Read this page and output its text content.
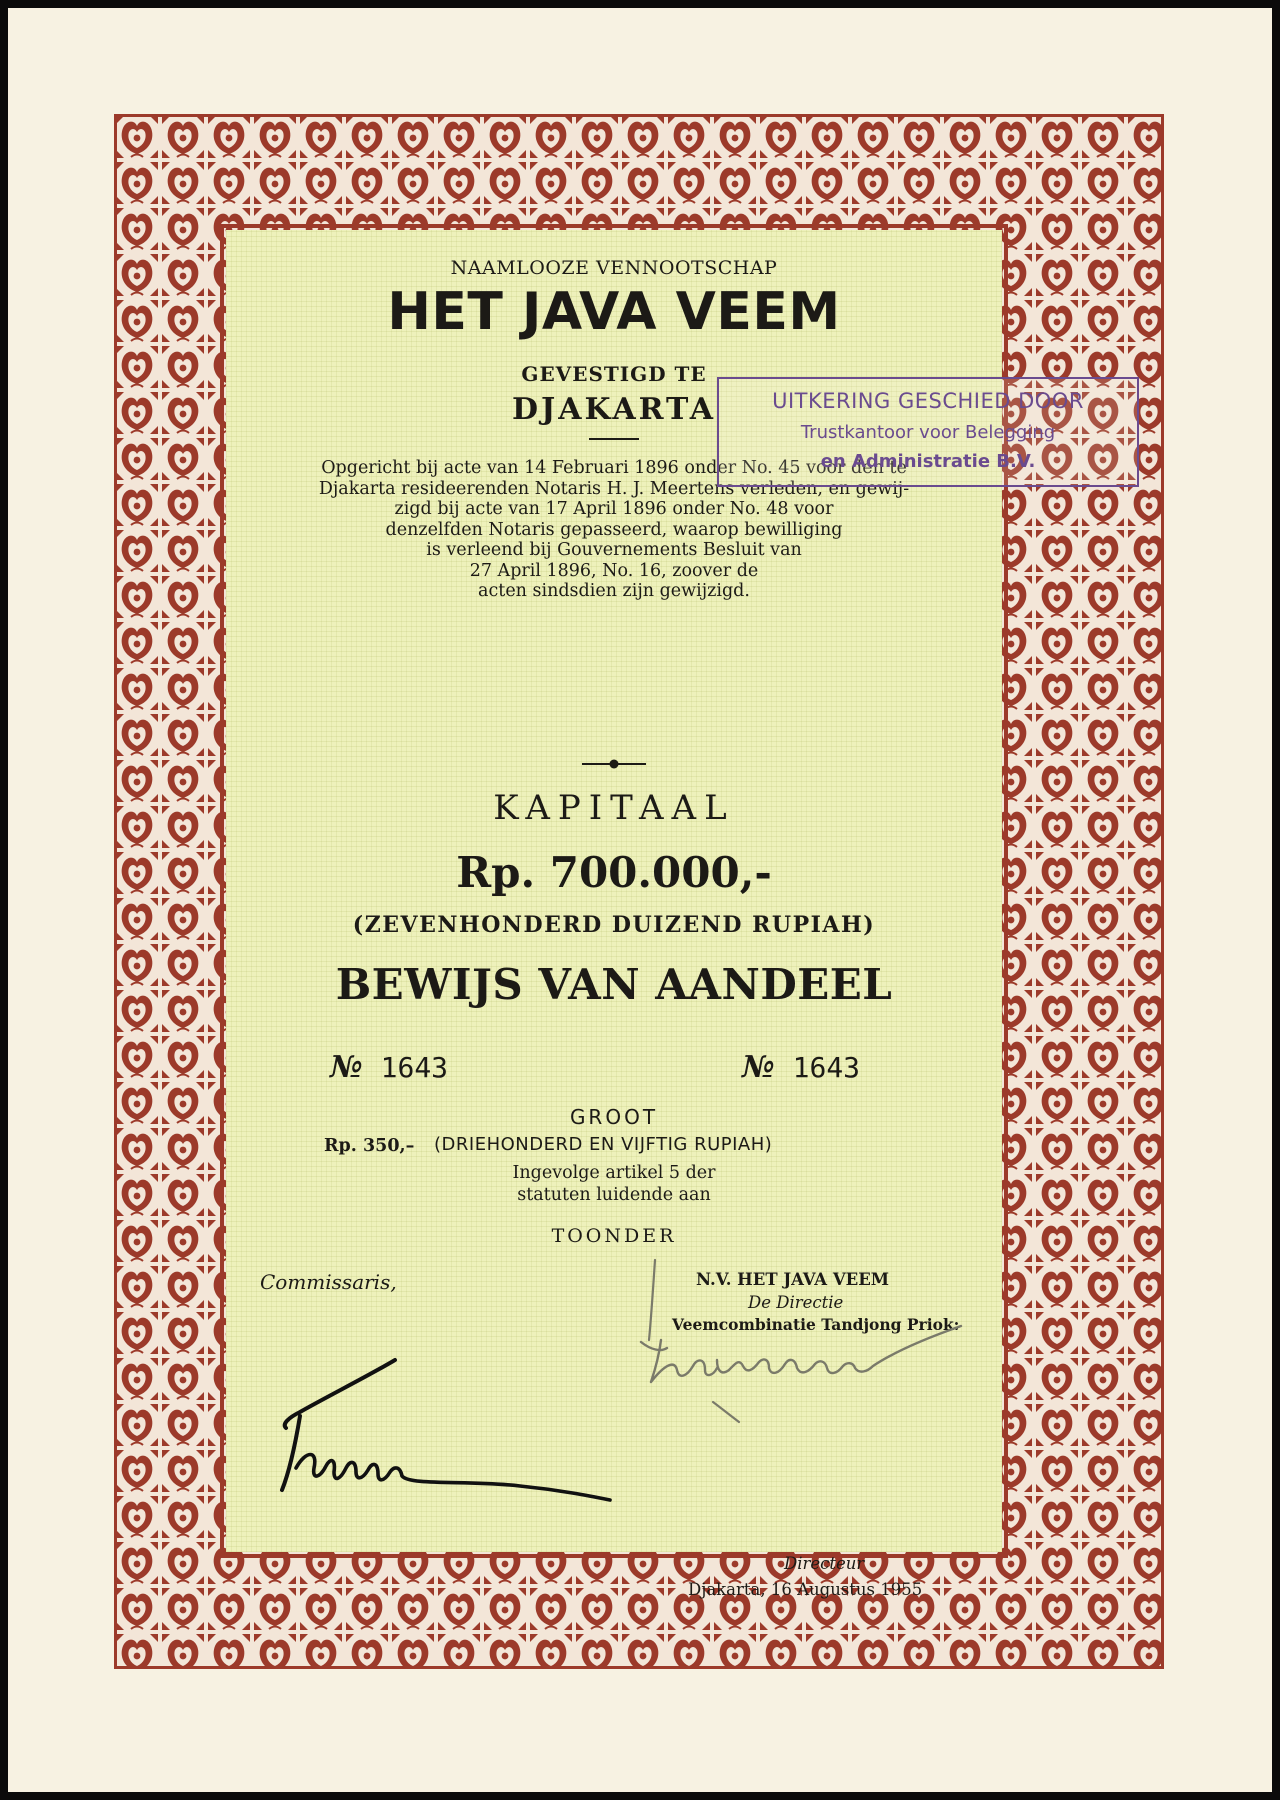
NAAMLOOZE VENNOOTSCHAP
HET JAVA VEEM
GEVESTIGD TE
DJAKARTA
Opgericht bij acte van 14 Februari 1896 onder No. 45 voor den te
Djakarta resideerenden Notaris H. J. Meertens verleden, en gewij-
zigd bij acte van 17 April 1896 onder No. 48 voor
denzelfden Notaris gepasseerd, waarop bewilliging
is verleend bij Gouvernements Besluit van
27 April 1896, No. 16, zoover de
acten sindsdien zijn gewijzigd.
KAPITAAL
Rp. 700.000,-
(ZEVENHONDERD DUIZEND RUPIAH)
BEWIJS VAN AANDEEL
№ 1643	№ 1643
GROOT
Rp. 350,– (DRIEHONDERD EN VIJFTIG RUPIAH)
Ingevolge artikel 5 der
statuten luidende aan
TOONDER
Commissaris,	N.V. HET JAVA VEEM
De Directie
Veemcombinatie Tandjong Priok:
Directeur
Djakarta, 16 Augustus 1955
UITKERING GESCHIED DOOR
Trustkantoor voor Belegging
en Administratie B.V.
